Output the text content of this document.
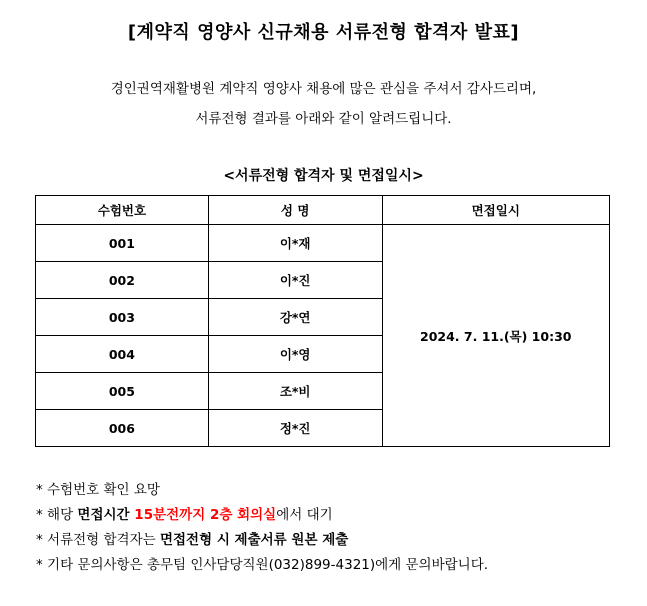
[계약직 영양사 신규채용 서류전형 합격자 발표]
경인권역재활병원 계약직 영양사 채용에 많은 관심을 주셔서 감사드리며,
서류전형 결과를 아래와 같이 알려드립니다.
<서류전형 합격자 및 면접일시>
수험번호	성 명	면접일시
001	이*재	2024. 7. 11.(목) 10:30
002	이*진	
003	강*연	
004	이*영	
005	조*비	
006	정*진	
* 수험번호 확인 요망
* 해당 면접시간 15분전까지 2층 회의실에서 대기
* 서류전형 합격자는 면접전형 시 제출서류 원본 제출
* 기타 문의사항은 총무팀 인사담당직원(032)899-4321)에게 문의바랍니다.
